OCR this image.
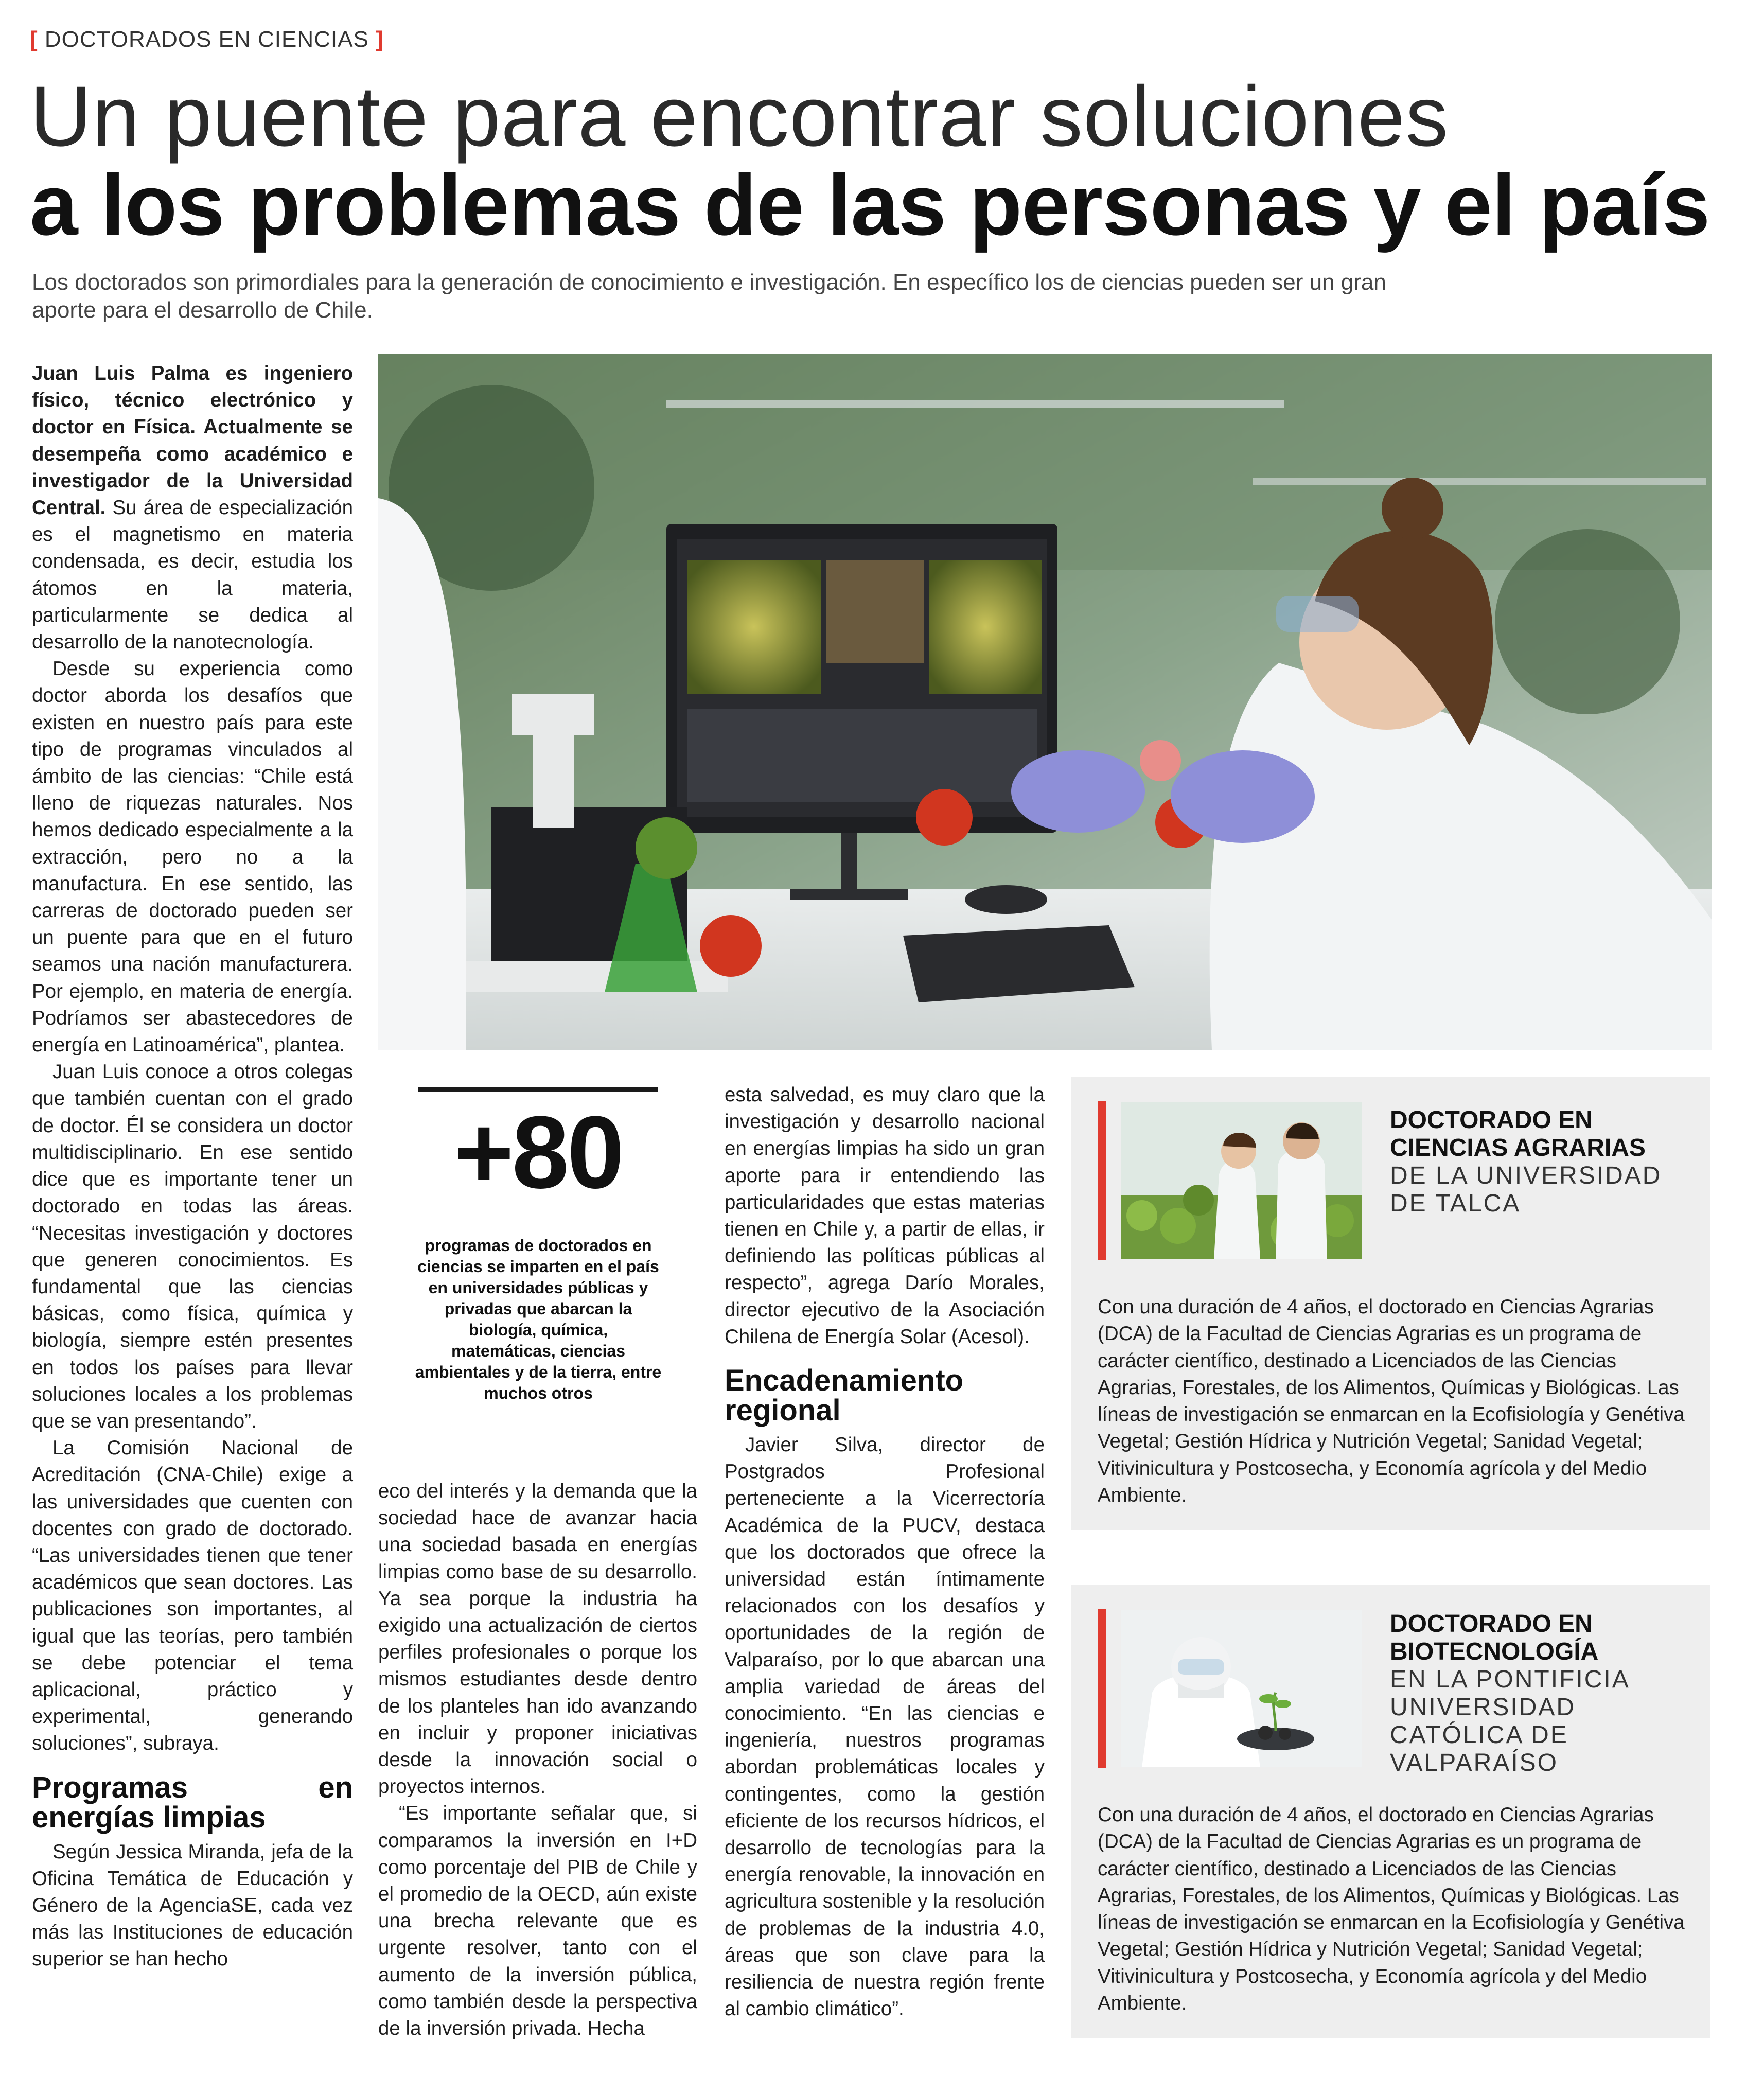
[ DOCTORADOS EN CIENCIAS ]
Un puente para encontrar soluciones
a los problemas de las personas y el país
Los doctorados son primordiales para la generación de conocimiento e investigación. En específico los de ciencias pueden ser un gran aporte para el desarrollo de Chile.

Juan Luis Palma es ingeniero físico, técnico electrónico y doctor en Física. Actualmente se desempeña como académico e investigador de la Universidad Central. Su área de especialización es el magnetismo en materia condensada, es decir, estudia los átomos en la materia, particularmente se dedica al desarrollo de la nanotecnología.

Desde su experiencia como doctor aborda los desafíos que existen en nuestro país para este tipo de programas vinculados al ámbito de las ciencias: “Chile está lleno de riquezas naturales. Nos hemos dedicado especialmente a la extracción, pero no a la manufactura. En ese sentido, las carreras de doctorado pueden ser un puente para que en el futuro seamos una nación manufacturera. Por ejemplo, en materia de energía. Podríamos ser abastecedores de energía en Latinoamérica”, plantea.

Juan Luis conoce a otros colegas que también cuentan con el grado de doctor. Él se considera un doctor multidisciplinario. En ese sentido dice que es importante tener un doctorado en todas las áreas. “Necesitas investigación y doctores que generen conocimientos. Es fundamental que las ciencias básicas, como física, química y biología, siempre estén presentes en todos los países para llevar soluciones locales a los problemas que se van presentando”.

La Comisión Nacional de Acreditación (CNA-Chile) exige a las universidades que cuenten con docentes con grado de doctorado. “Las universidades tienen que tener académicos que sean doctores. Las publicaciones son importantes, al igual que las teorías, pero también se debe potenciar el tema aplicacional, práctico y experimental, generando soluciones”, subraya.

Programas en energías limpias

Según Jessica Miranda, jefa de la Oficina Temática de Educación y Género de la AgenciaSE, cada vez más las Instituciones de educación superior se han hecho

+80
programas de doctorados en ciencias se imparten en el país en universidades públicas y privadas que abarcan la biología, química, matemáticas, ciencias ambientales y de la tierra, entre muchos otros

eco del interés y la demanda que la sociedad hace de avanzar hacia una sociedad basada en energías limpias como base de su desarrollo. Ya sea porque la industria ha exigido una actualización de ciertos perfiles profesionales o porque los mismos estudiantes desde dentro de los planteles han ido avanzando en incluir y proponer iniciativas desde la innovación social o proyectos internos.

“Es importante señalar que, si comparamos la inversión en I+D como porcentaje del PIB de Chile y el promedio de la OECD, aún existe una brecha relevante que es urgente resolver, tanto con el aumento de la inversión pública, como también desde la perspectiva de la inversión privada. Hecha

esta salvedad, es muy claro que la investigación y desarrollo nacional en energías limpias ha sido un gran aporte para ir entendiendo las particularidades que estas materias tienen en Chile y, a partir de ellas, ir definiendo las políticas públicas al respecto”, agrega Darío Morales, director ejecutivo de la Asociación Chilena de Energía Solar (Acesol).

Encadenamiento regional

Javier Silva, director de Postgrados Profesional perteneciente a la Vicerrectoría Académica de la PUCV, destaca que los doctorados que ofrece la universidad están íntimamente relacionados con los desafíos y oportunidades de la región de Valparaíso, por lo que abarcan una amplia variedad de áreas del conocimiento. “En las ciencias e ingeniería, nuestros programas abordan problemáticas locales y contingentes, como la gestión eficiente de los recursos hídricos, el desarrollo de tecnologías para la energía renovable, la innovación en agricultura sostenible y la resolución de problemas de la industria 4.0, áreas que son clave para la resiliencia de nuestra región frente al cambio climático”.

DOCTORADO EN CIENCIAS AGRARIAS
DE LA UNIVERSIDAD DE TALCA
Con una duración de 4 años, el doctorado en Ciencias Agrarias (DCA) de la Facultad de Ciencias Agrarias es un programa de carácter científico, destinado a Licenciados de las Ciencias Agrarias, Forestales, de los Alimentos, Químicas y Biológicas. Las líneas de investigación se enmarcan en la Ecofisiología y Genétiva Vegetal; Gestión Hídrica y Nutrición Vegetal; Sanidad Vegetal; Vitivinicultura y Postcosecha, y Economía agrícola y del Medio Ambiente.
DOCTORADO EN BIOTECNOLOGÍA
EN LA PONTIFICIA UNIVERSIDAD CATÓLICA DE VALPARAÍSO
Con una duración de 4 años, el doctorado en Ciencias Agrarias (DCA) de la Facultad de Ciencias Agrarias es un programa de carácter científico, destinado a Licenciados de las Ciencias Agrarias, Forestales, de los Alimentos, Químicas y Biológicas. Las líneas de investigación se enmarcan en la Ecofisiología y Genétiva Vegetal; Gestión Hídrica y Nutrición Vegetal; Sanidad Vegetal; Vitivinicultura y Postcosecha, y Economía agrícola y del Medio Ambiente.
